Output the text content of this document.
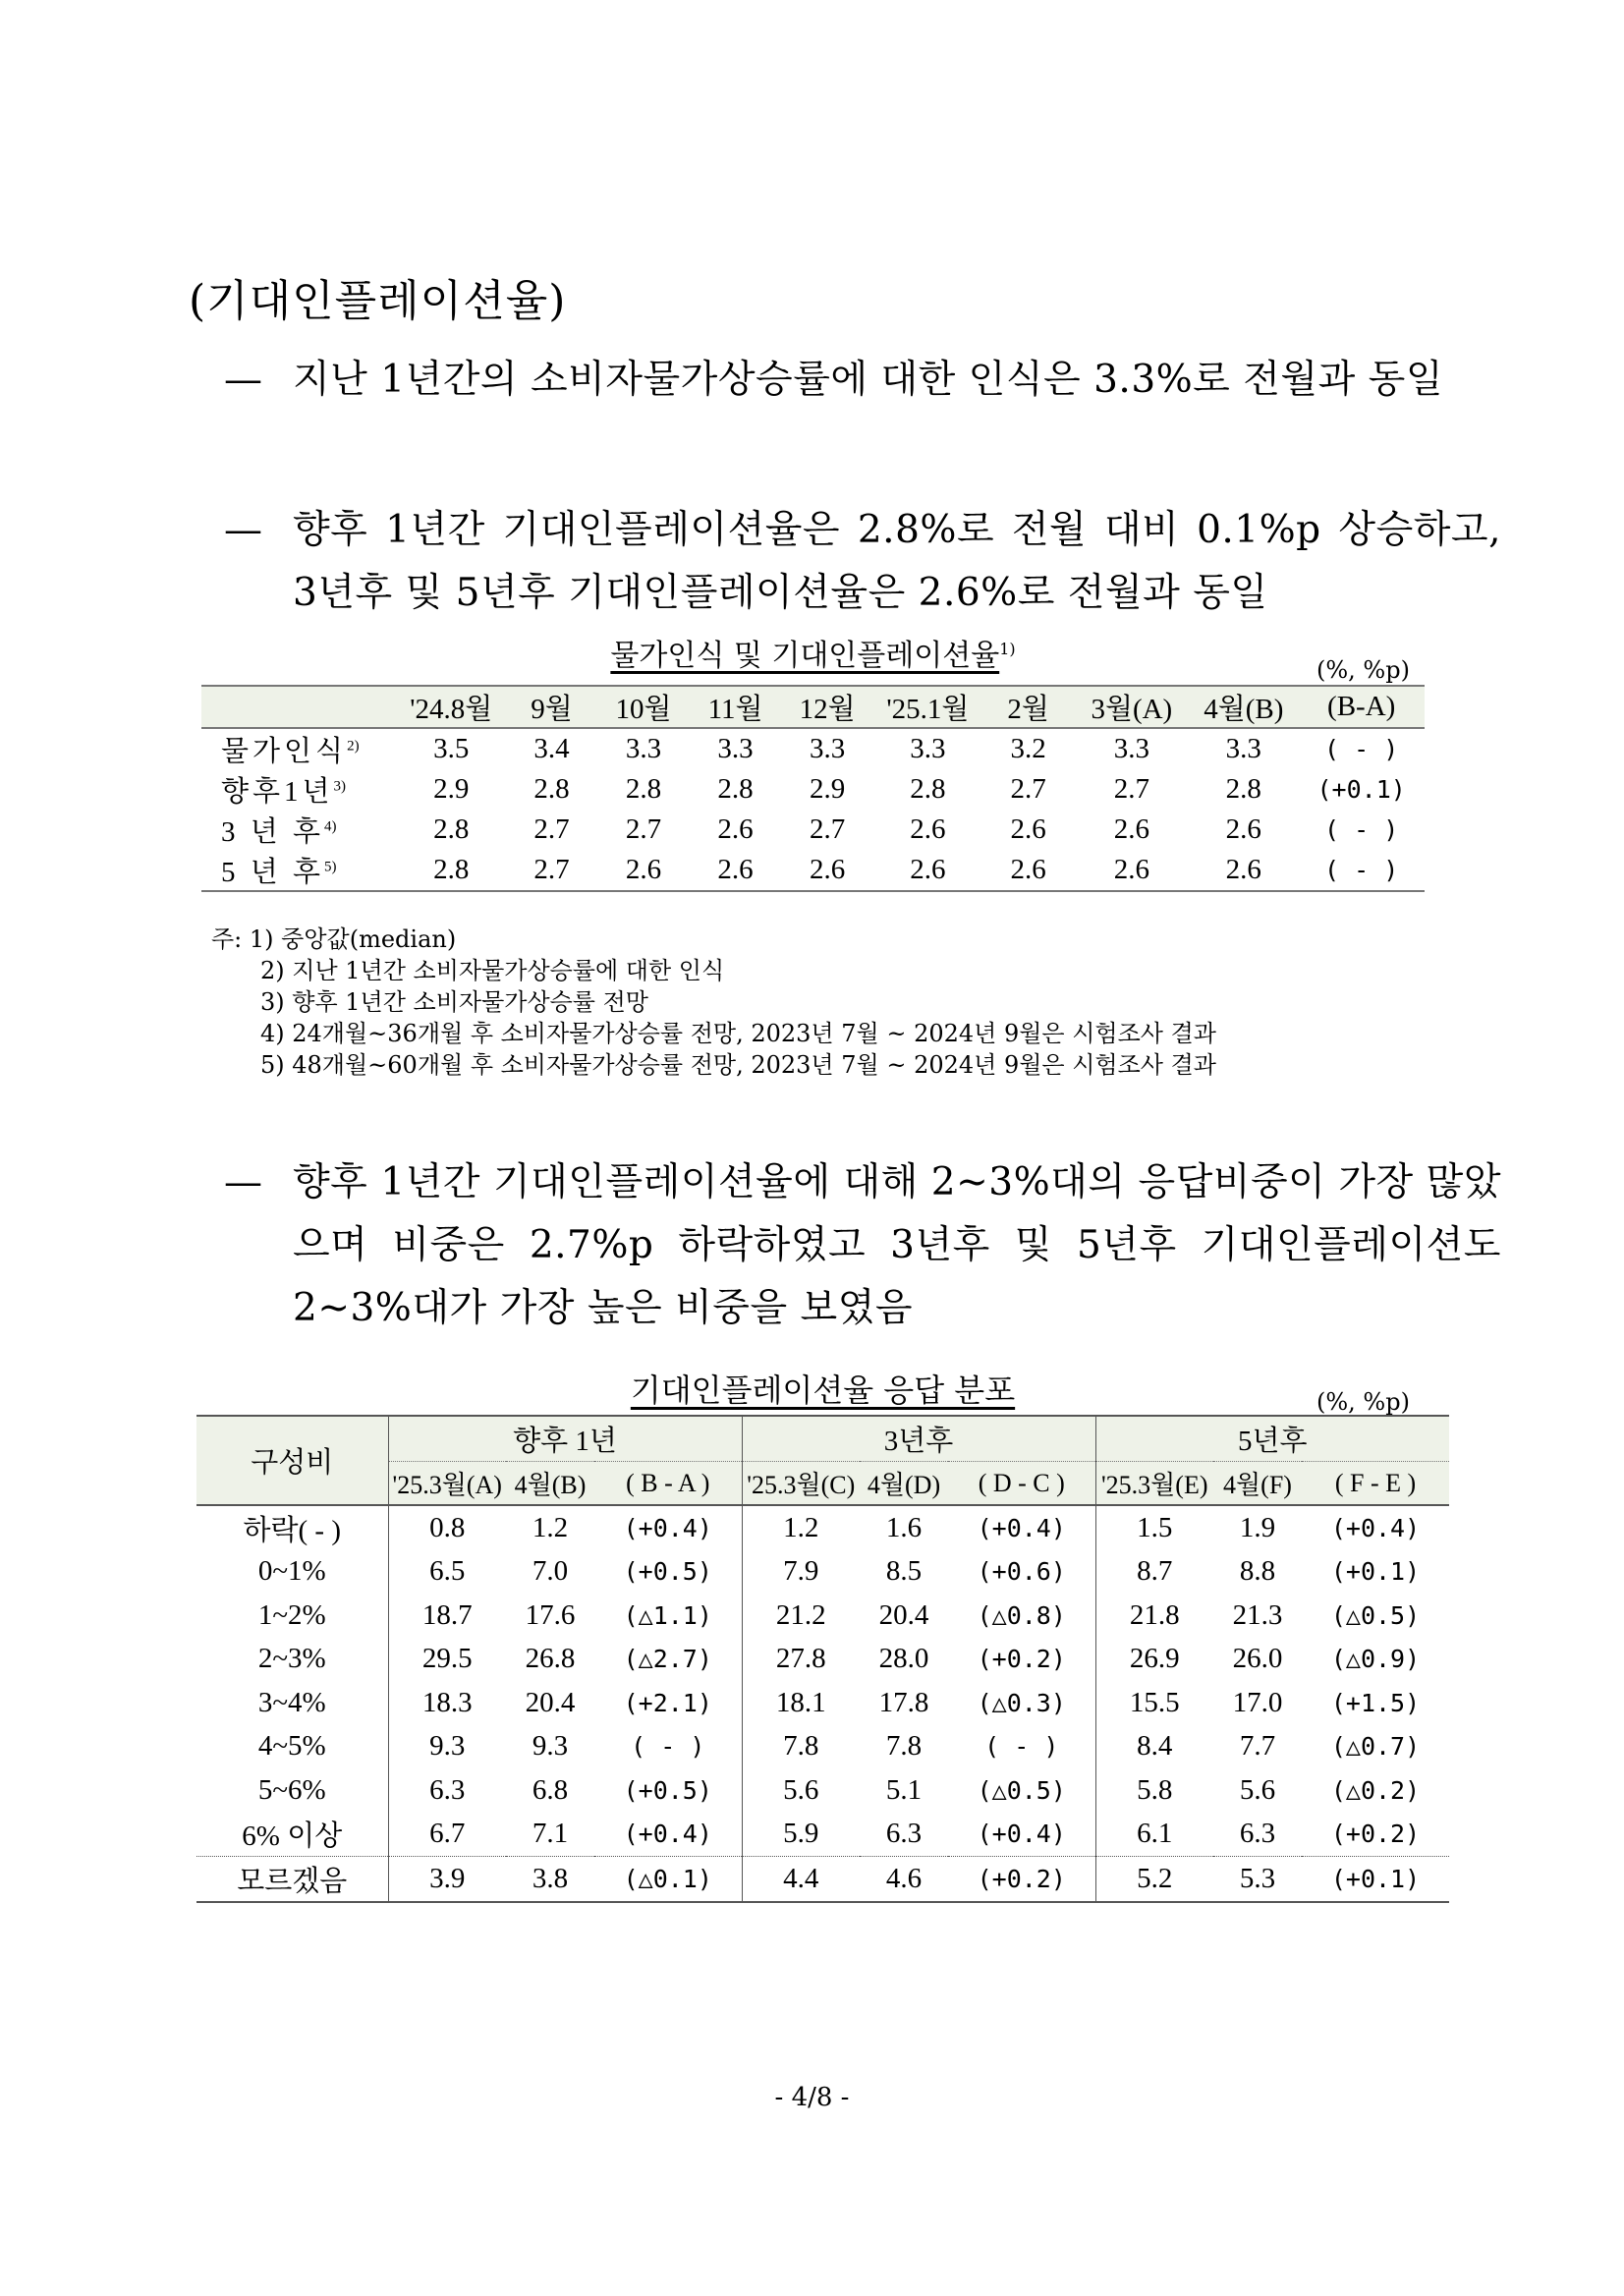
(기대인플레이션율)
— 지난 1년간의 소비자물가상승률에 대한 인식은 3.3%로 전월과 동일
— 향후 1년간 기대인플레이션율은 2.8%로 전월 대비 0.1%p 상승하고, 3년후 및 5년후 기대인플레이션율은 2.6%로 전월과 동일
물가인식 및 기대인플레이션율$^{1)}$
(%, %p)
	'24.8월	9월	10월	11월	12월	'25.1월	2월	3월(A)	4월(B)	(B-A)
물가인식$^{2)}$	3.5	3.4	3.3	3.3	3.3	3.3	3.2	3.3	3.3	( - )
향후1년$^{3)}$	2.9	2.8	2.8	2.8	2.9	2.8	2.7	2.7	2.8	(+0.1)
3 년 후$^{4)}$	2.8	2.7	2.7	2.6	2.7	2.6	2.6	2.6	2.6	( - )
5 년 후$^{5)}$	2.8	2.7	2.6	2.6	2.6	2.6	2.6	2.6	2.6	( - )
주: 1) 중앙값(median)
2) 지난 1년간 소비자물가상승률에 대한 인식
3) 향후 1년간 소비자물가상승률 전망
4) 24개월~36개월 후 소비자물가상승률 전망, 2023년 7월 ~ 2024년 9월은 시험조사 결과
5) 48개월~60개월 후 소비자물가상승률 전망, 2023년 7월 ~ 2024년 9월은 시험조사 결과
— 향후 1년간 기대인플레이션율에 대해 2~3%대의 응답비중이 가장 많았으며 비중은 2.7%p 하락하였고 3년후 및 5년후 기대인플레이션도 2~3%대가 가장 높은 비중을 보였음
기대인플레이션율 응답 분포	(%, %p)
구성비	향후 1년			3년후			5년후		
	'25.3월(A)	4월(B)	( B - A )	'25.3월(C)	4월(D)	( D - C )	'25.3월(E)	4월(F)	( F - E )
하락( - )	0.8	1.2	(+0.4)	1.2	1.6	(+0.4)	1.5	1.9	(+0.4)
0~1%	6.5	7.0	(+0.5)	7.9	8.5	(+0.6)	8.7	8.8	(+0.1)
1~2%	18.7	17.6	(△1.1)	21.2	20.4	(△0.8)	21.8	21.3	(△0.5)
2~3%	29.5	26.8	(△2.7)	27.8	28.0	(+0.2)	26.9	26.0	(△0.9)
3~4%	18.3	20.4	(+2.1)	18.1	17.8	(△0.3)	15.5	17.0	(+1.5)
4~5%	9.3	9.3	( - )	7.8	7.8	( - )	8.4	7.7	(△0.7)
5~6%	6.3	6.8	(+0.5)	5.6	5.1	(△0.5)	5.8	5.6	(△0.2)
6% 이상	6.7	7.1	(+0.4)	5.9	6.3	(+0.4)	6.1	6.3	(+0.2)
모르겠음	3.9	3.8	(△0.1)	4.4	4.6	(+0.2)	5.2	5.3	(+0.1)
- 4/8 -
